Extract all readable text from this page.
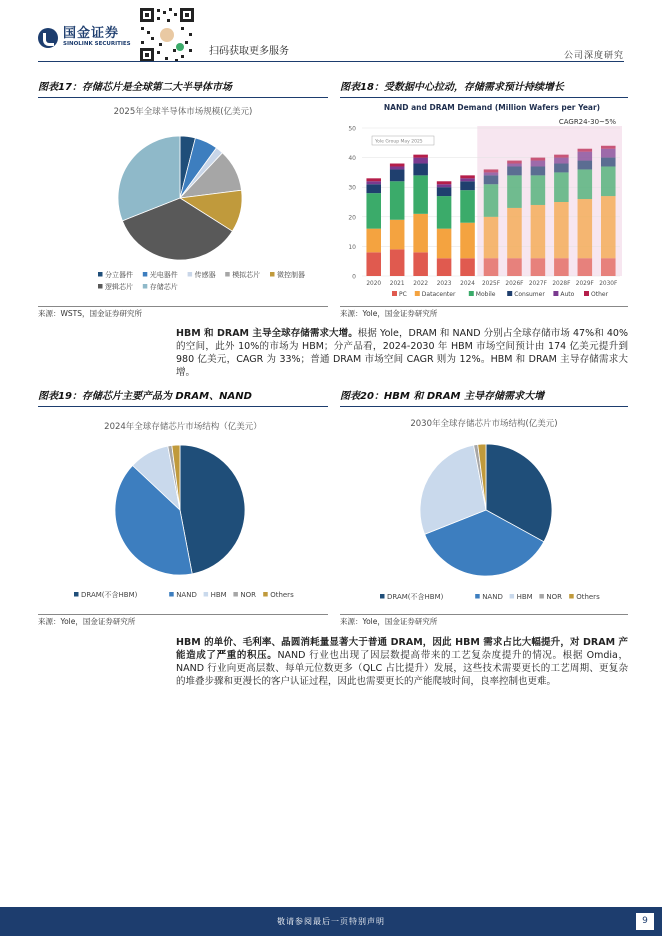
国金证券
SINOLINK SECURITIES
扫码获取更多服务	公司深度研究
图表17：存储芯片是全球第二大半导体市场
2025年全球半导体市场规模(亿美元)
分立器件 光电器件 传感器 模拟芯片 微控制器
逻辑芯片 存储芯片
来源：WSTS，国金证券研究所
图表18：受数据中心拉动，存储需求预计持续增长
NAND and DRAM Demand (Million Wafers per Year)
0
10
20
30
40
50
Yole Group May 2025
CAGR24-30~5%
2020 2021 2022 2023 2024 2025F 2026F 2027F 2028F 2029F 2030F
PC Datacenter	Mobile	Consumer	Auto	Other
来源：Yole，国金证券研究所
HBM 和 DRAM 主导全球存储需求大增。根据 Yole，DRAM 和 NAND 分别占全球存储市场 47%和 40%的空间，此外 10%的市场为 HBM；分产品看，2024-2030 年 HBM 市场空间预计由 174 亿美元提升到 980 亿美元，CAGR 为 33%；普通 DRAM 市场空间 CAGR 则为 12%。HBM 和 DRAM 主导存储需求大增。
图表19：存储芯片主要产品为 DRAM、NAND
2024年全球存储芯片市场结构（亿美元）
DRAM(不含HBM)	NAND HBM NOR Others
来源：Yole，国金证券研究所
图表20：HBM 和 DRAM 主导存储需求大增
2030年全球存储芯片市场结构(亿美元)
DRAM(不含HBM)	NAND HBM NOR Others
来源：Yole，国金证券研究所
HBM 的单价、毛利率、晶圆消耗量显著大于普通 DRAM，因此 HBM 需求占比大幅提升，对 DRAM 产能造成了严重的积压。NAND 行业也出现了因层数提高带来的工艺复杂度提升的情况。根据 Omdia，NAND 行业向更高层数、每单元位数更多（QLC 占比提升）发展，这些技术需要更长的工艺周期、更复杂的堆叠步骤和更漫长的客户认证过程，因此也需要更长的产能爬坡时间，良率控制也更难。
敬请参阅最后一页特别声明	9
